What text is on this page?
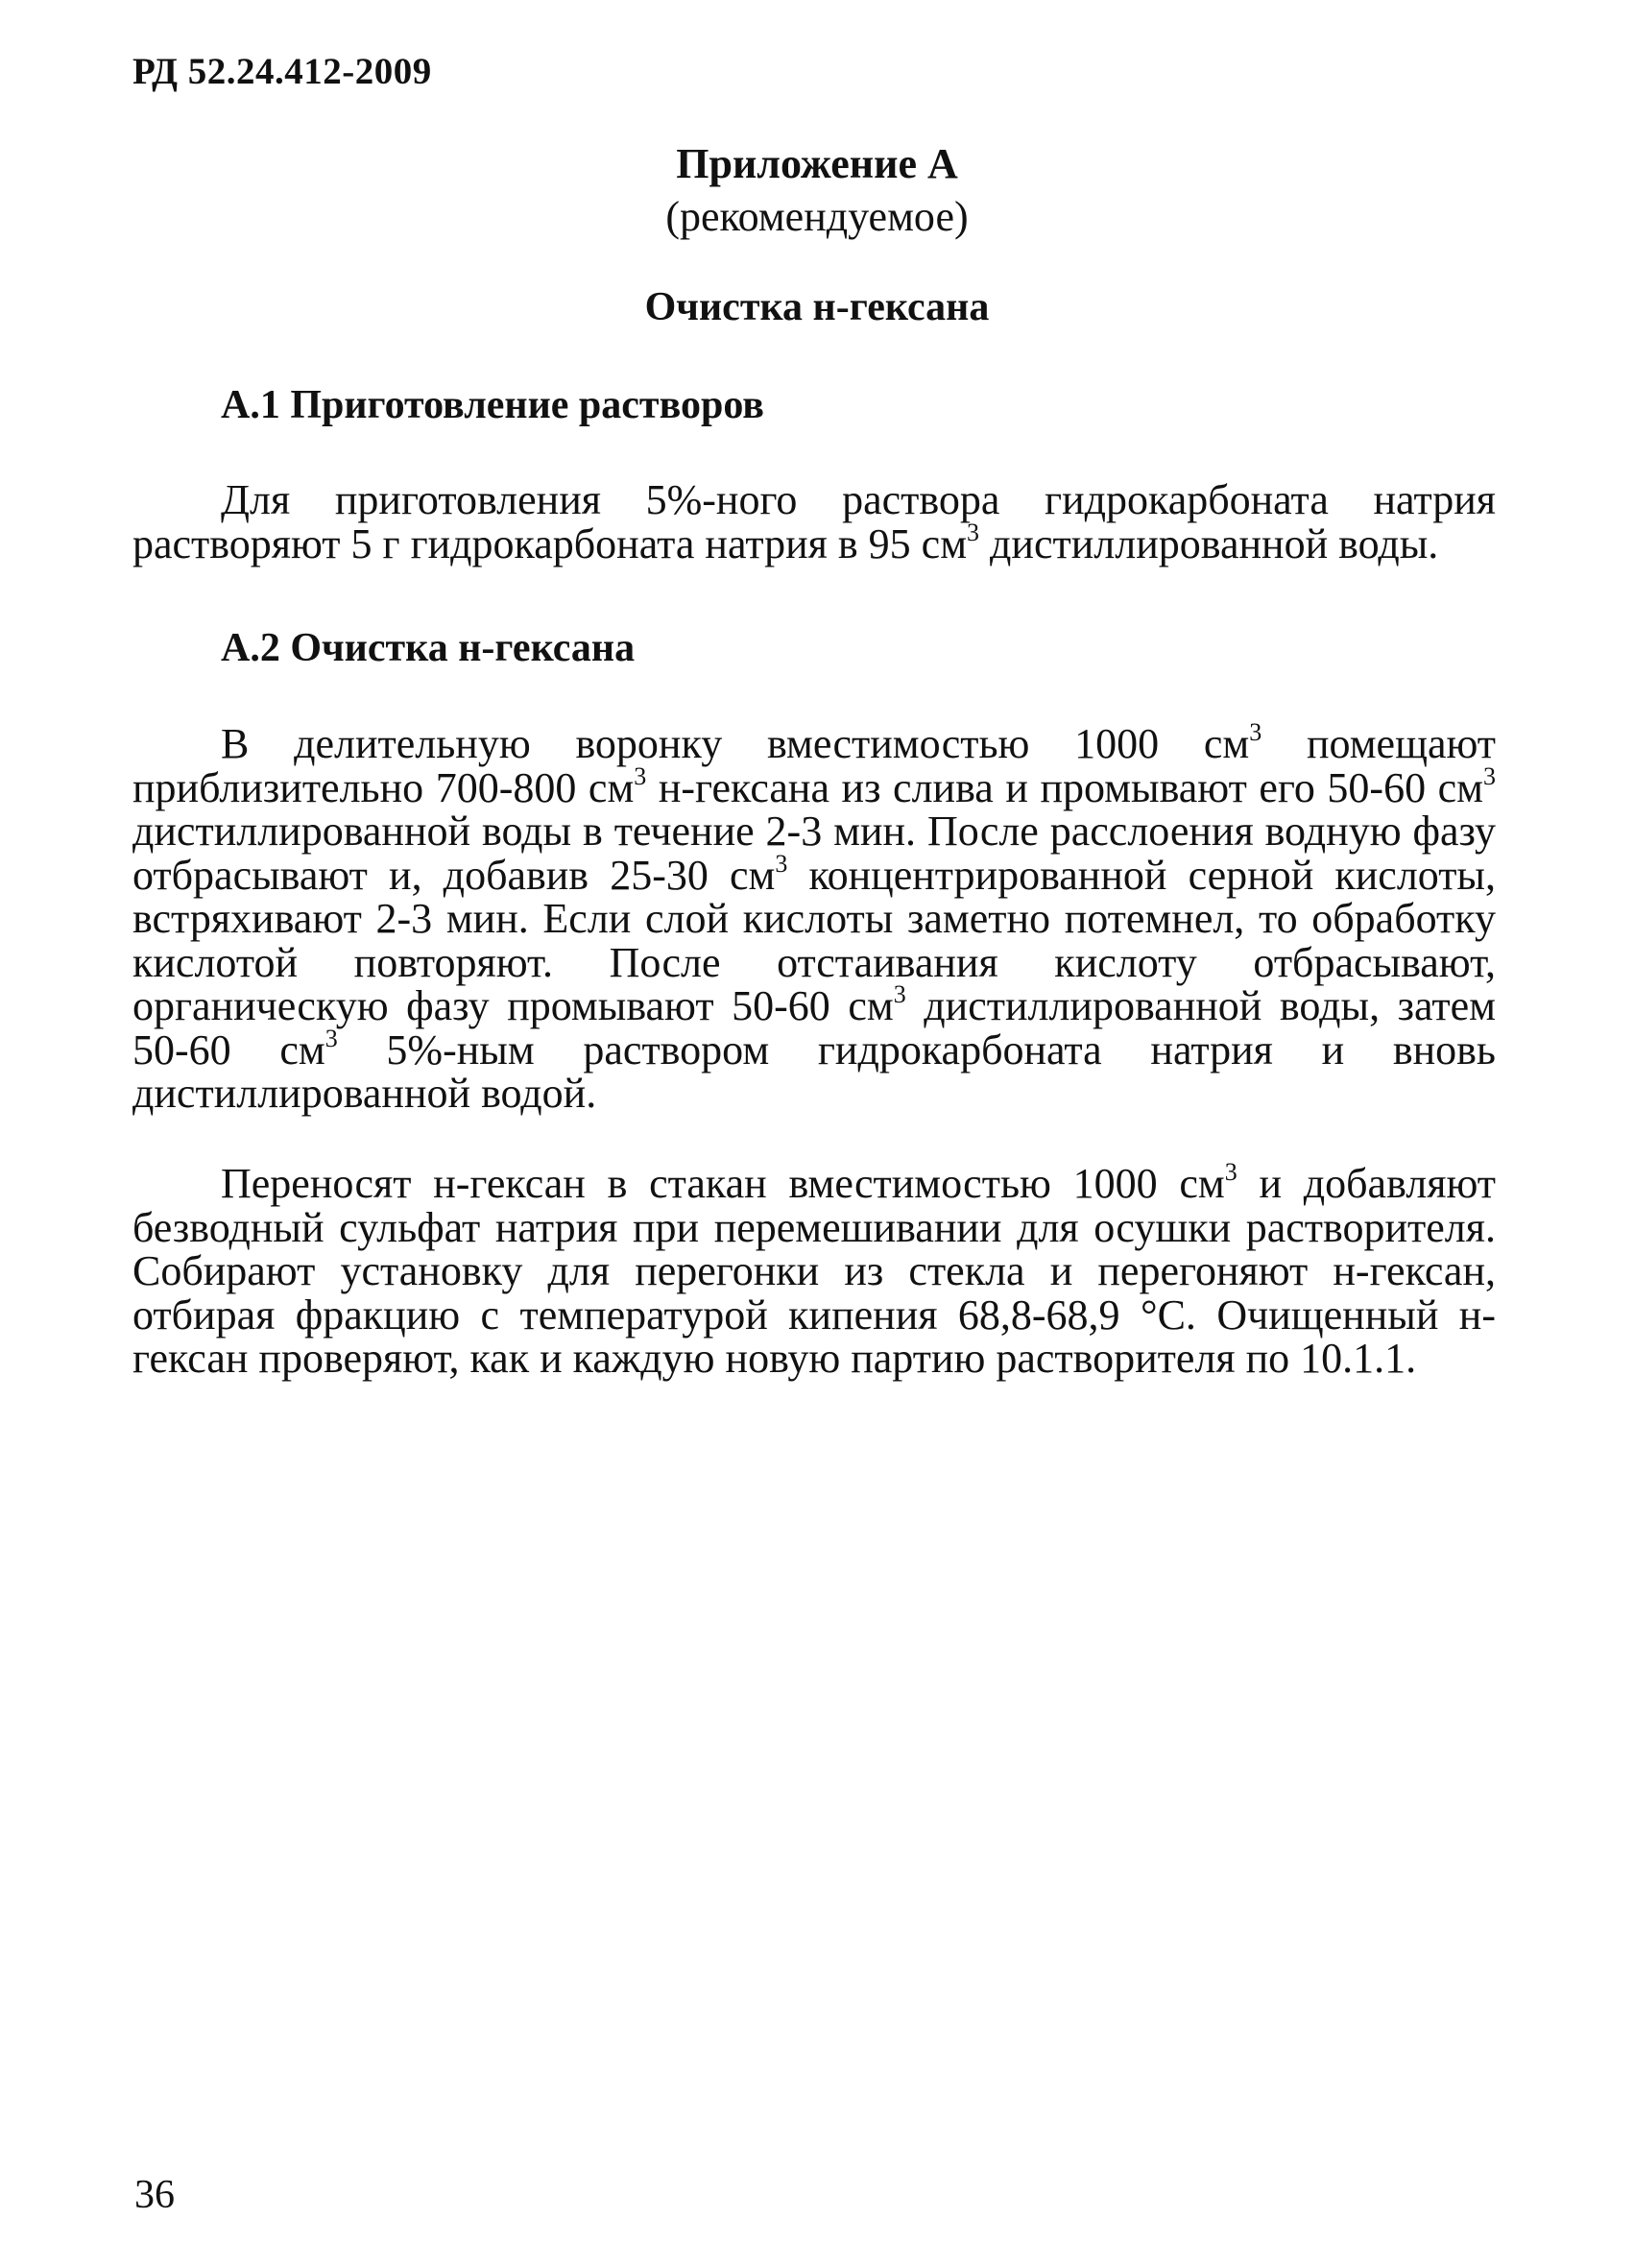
РД 52.24.412-2009
Приложение А
(рекомендуемое)
Очистка н-гексана
А.1 Приготовление растворов

Для приготовления 5%-ного раствора гидрокарбоната натрия растворяют 5 г гидрокарбоната натрия в 95 $см^3$ дистиллированной воды.

А.2 Очистка н-гексана

В делительную воронку вместимостью 1000 $см^3$ помещают приблизительно 700-800 $см^3$ н-гексана из слива и промывают его 50-60 $см^3$ дистиллированной воды в течение 2-3 мин. После расслоения водную фазу отбрасывают и, добавив 25-30 $см^3$ концентрированной серной кислоты, встряхивают 2-3 мин. Если слой кислоты заметно потемнел, то обработку кислотой повторяют. После отстаивания кислоту отбрасывают, органическую фазу промывают 50-60 $см^3$ дистиллированной воды, затем 50-60 $см^3$ 5%-ным раствором гидрокарбоната натрия и вновь дистиллированной водой.

Переносят н-гексан в стакан вместимостью 1000 $см^3$ и добавляют безводный сульфат натрия при перемешивании для осушки растворителя. Собирают установку для перегонки из стекла и перегоняют н-гексан, отбирая фракцию с температурой кипения 68,8-68,9 °С. Очищенный н-гексан проверяют, как и каждую новую партию растворителя по 10.1.1.

36
